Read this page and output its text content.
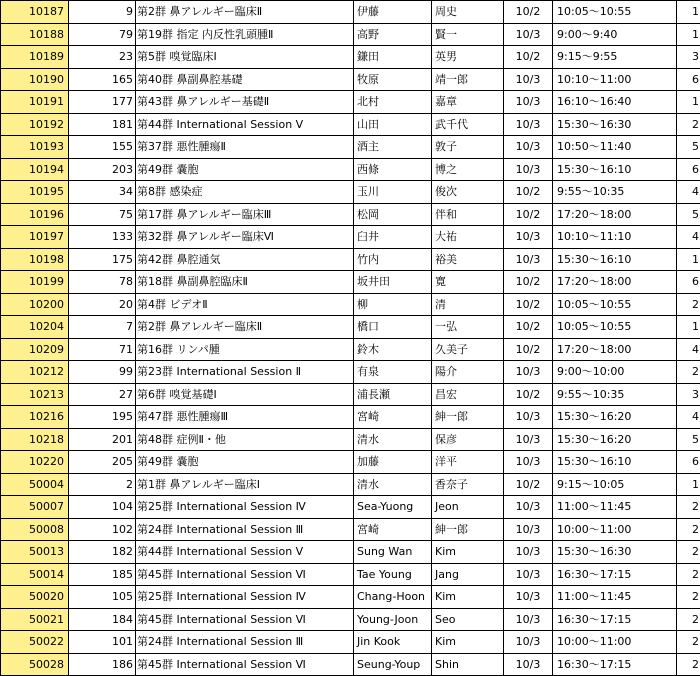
10187	9	第2群 鼻アレルギー臨床Ⅱ	伊藤	周史	10/2	10:05～10:55	1
10188	79	第19群 指定 内反性乳頭腫Ⅱ	高野	賢一	10/3	9:00～9:40	1
10189	23	第5群 嗅覚臨床Ⅰ	鎌田	英男	10/2	9:15～9:55	3
10190	165	第40群 鼻副鼻腔基礎	牧原	靖一郎	10/3	10:10～11:00	6
10191	177	第43群 鼻アレルギー基礎Ⅱ	北村	嘉章	10/3	16:10～16:40	1
10192	181	第44群 International Session Ⅴ	山田	武千代	10/3	15:30～16:30	2
10193	155	第37群 悪性腫瘍Ⅱ	酒主	敦子	10/3	10:50～11:40	5
10194	203	第49群 嚢胞	西條	博之	10/3	15:30～16:10	6
10195	34	第8群 感染症	玉川	俊次	10/2	9:55～10:35	4
10196	75	第17群 鼻アレルギー臨床Ⅲ	松岡	伴和	10/2	17:20～18:00	5
10197	133	第32群 鼻アレルギー臨床Ⅵ	臼井	大祐	10/3	10:10～11:10	4
10198	175	第42群 鼻腔通気	竹内	裕美	10/3	15:30～16:10	1
10199	78	第18群 鼻副鼻腔臨床Ⅱ	坂井田	寛	10/2	17:20～18:00	6
10200	20	第4群 ビデオⅡ	柳	清	10/2	10:05～10:55	2
10204	7	第2群 鼻アレルギー臨床Ⅱ	橋口	一弘	10/2	10:05～10:55	1
10209	71	第16群 リンパ腫	鈴木	久美子	10/2	17:20～18:00	4
10212	99	第23群 International Session Ⅱ	有泉	陽介	10/3	9:00～10:00	2
10213	27	第6群 嗅覚基礎Ⅰ	浦長瀬	昌宏	10/2	9:55～10:35	3
10216	195	第47群 悪性腫瘍Ⅲ	宮崎	紳一郎	10/3	15:30～16:20	4
10218	201	第48群 症例Ⅱ・他	清水	保彦	10/3	15:30～16:20	5
10220	205	第49群 嚢胞	加藤	洋平	10/3	15:30～16:10	6
50004	2	第1群 鼻アレルギー臨床Ⅰ	清水	香奈子	10/2	9:15～10:05	1
50007	104	第25群 International Session Ⅳ	Sea-Yuong	Jeon	10/3	11:00～11:45	2
50008	102	第24群 International Session Ⅲ	宮崎	紳一郎	10/3	10:00～11:00	2
50013	182	第44群 International Session Ⅴ	Sung Wan	Kim	10/3	15:30～16:30	2
50014	185	第45群 International Session Ⅵ	Tae Young	Jang	10/3	16:30～17:15	2
50020	105	第25群 International Session Ⅳ	Chang-Hoon	Kim	10/3	11:00～11:45	2
50021	184	第45群 International Session Ⅵ	Young-Joon	Seo	10/3	16:30～17:15	2
50022	101	第24群 International Session Ⅲ	Jin Kook	Kim	10/3	10:00～11:00	2
50028	186	第45群 International Session Ⅵ	Seung-Youp	Shin	10/3	16:30～17:15	2
